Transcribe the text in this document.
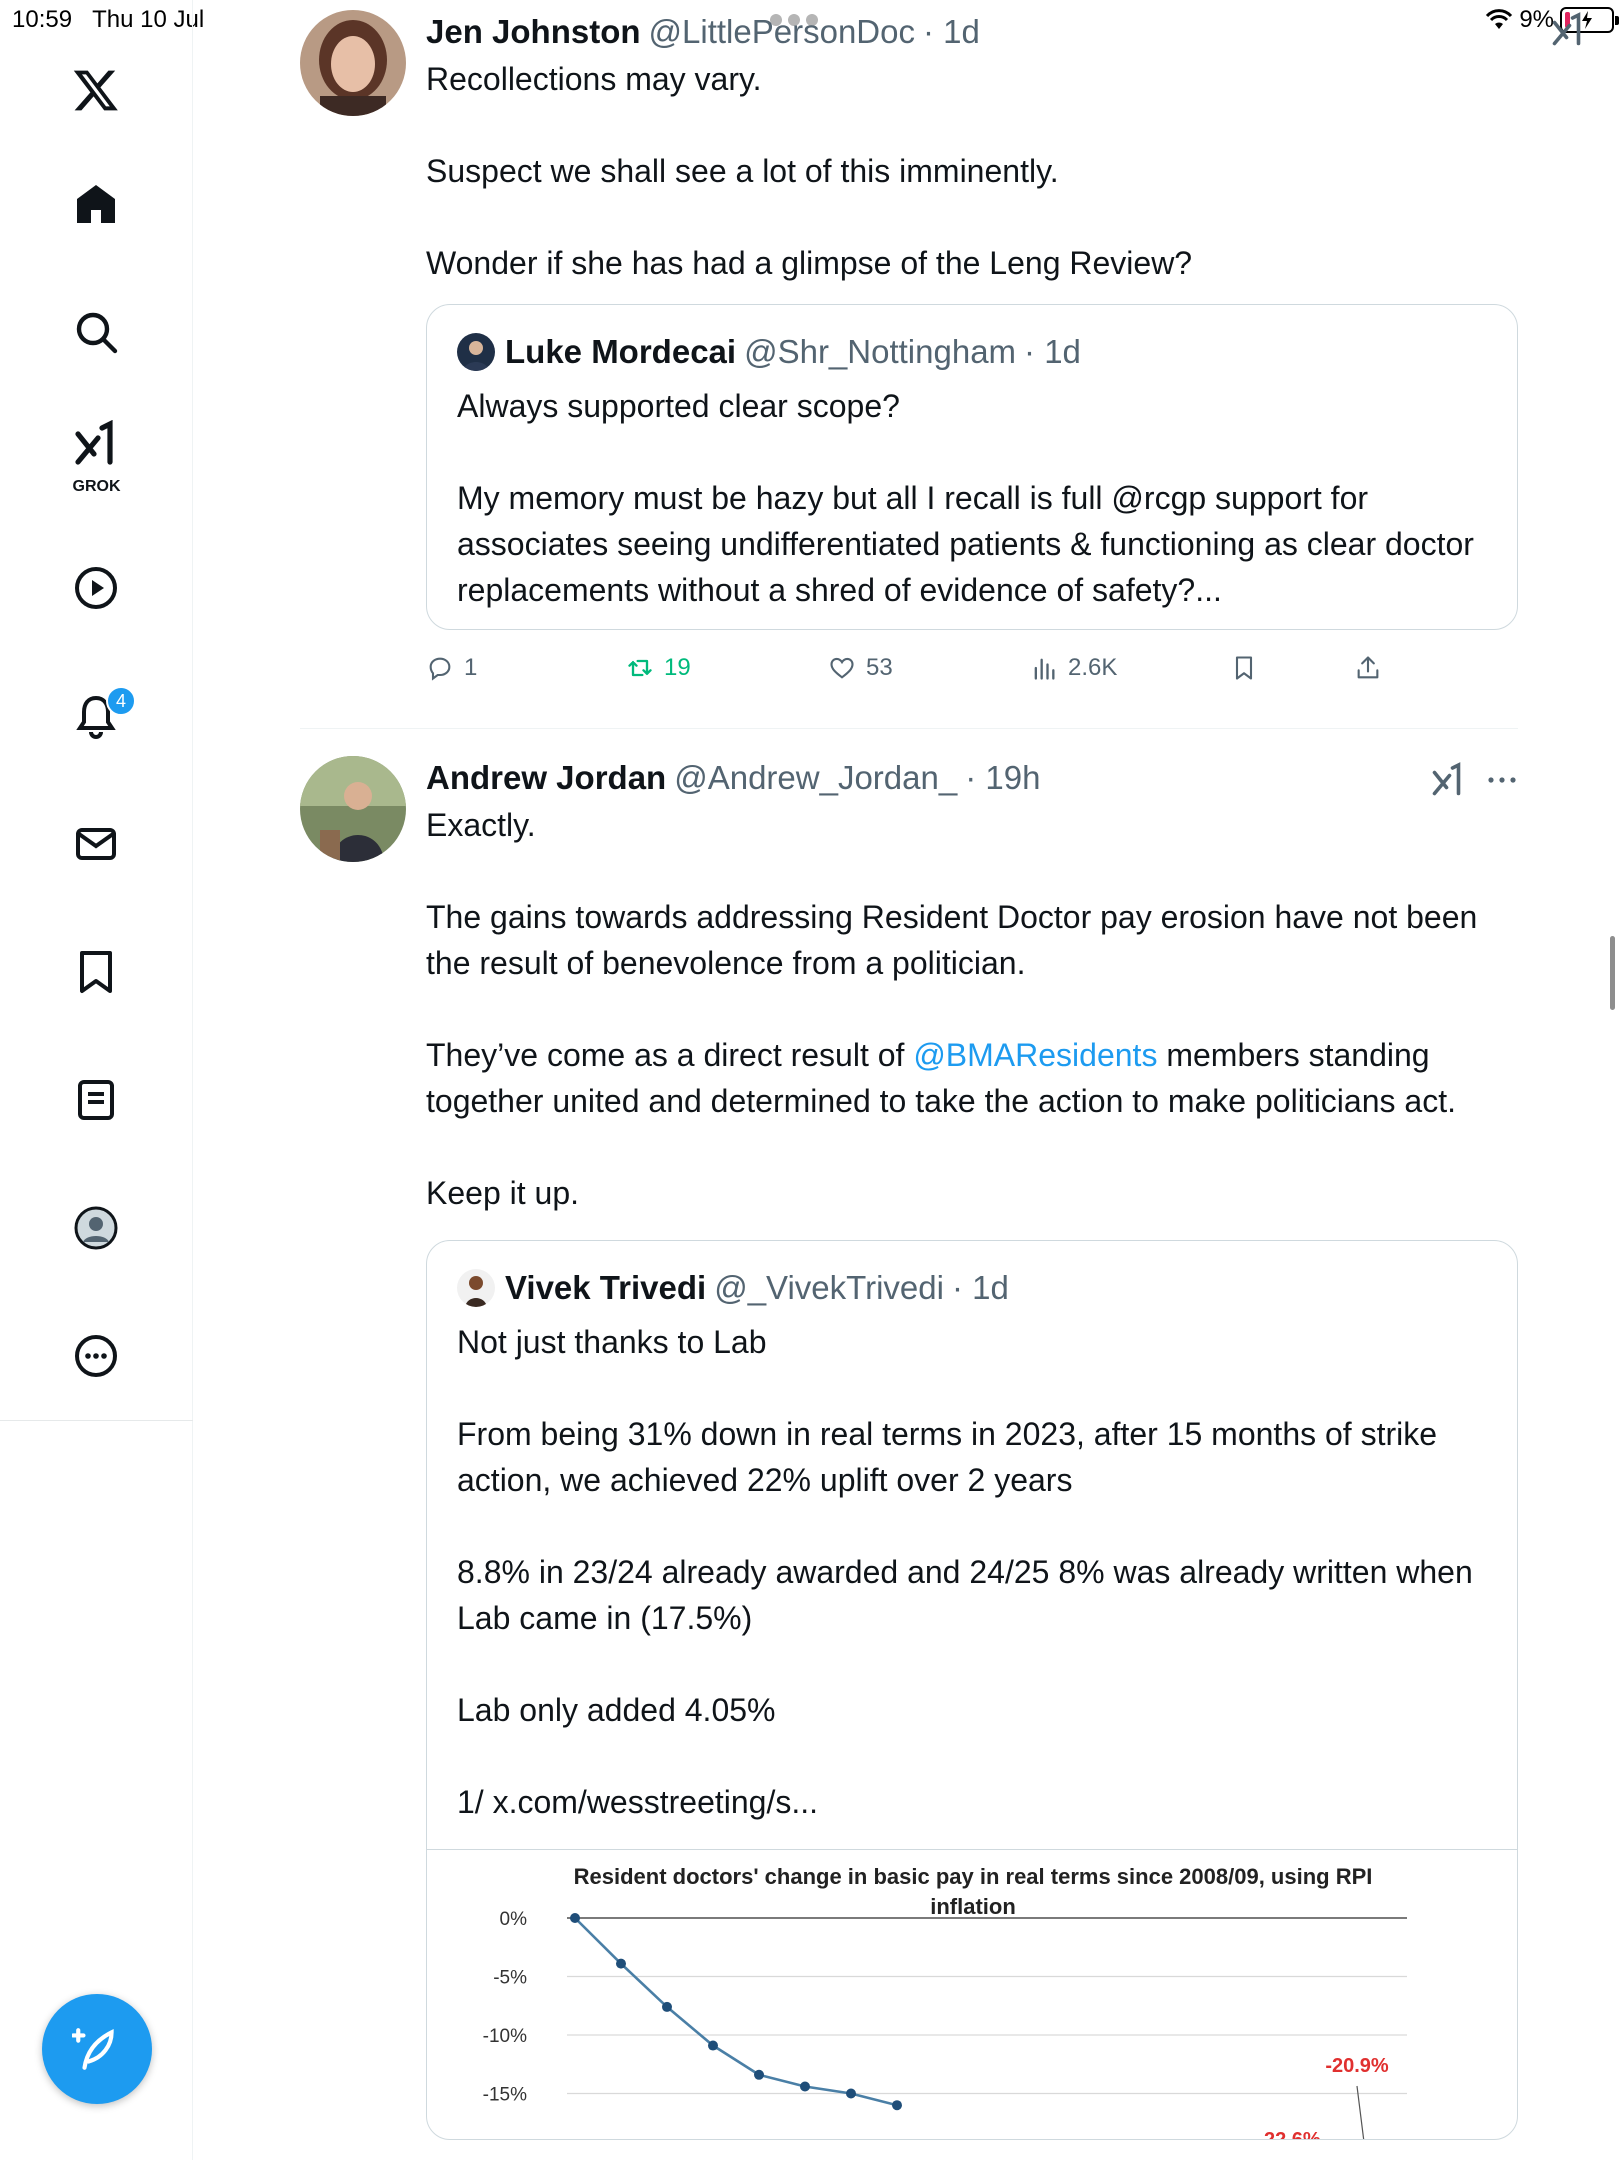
10:59 Thu 10 Jul	9%
GROK
4
Jen Johnston @LittlePersonDoc · 1d
Recollections may vary.

Suspect we shall see a lot of this imminently.

Wonder if she has had a glimpse of the Leng Review?
Luke Mordecai @Shr_Nottingham · 1d
Always supported clear scope?

My memory must be hazy but all I recall is full @rcgp support for associates seeing undifferentiated patients & functioning as clear doctor replacements without a shred of evidence of safety?...
1	19	53	2.6K
Andrew Jordan @Andrew_Jordan_ · 19h
Exactly.

The gains towards addressing Resident Doctor pay erosion have not been the result of benevolence from a politician.

They’ve come as a direct result of @BMAResidents members standing together united and determined to take the action to make politicians act.

Keep it up.
Vivek Trivedi @_VivekTrivedi · 1d
Not just thanks to Lab

From being 31% down in real terms in 2023, after 15 months of strike action, we achieved 22% uplift over 2 years

8.8% in 23/24 already awarded and 24/25 8% was already written when Lab came in (17.5%)

Lab only added 4.05%

1/ x.com/wesstreeting/s...
Resident doctors' change in basic pay in real terms since 2008/09, using RPI inflation
0%
-5%
-10%
-15%
-20.9%
-22.6%
